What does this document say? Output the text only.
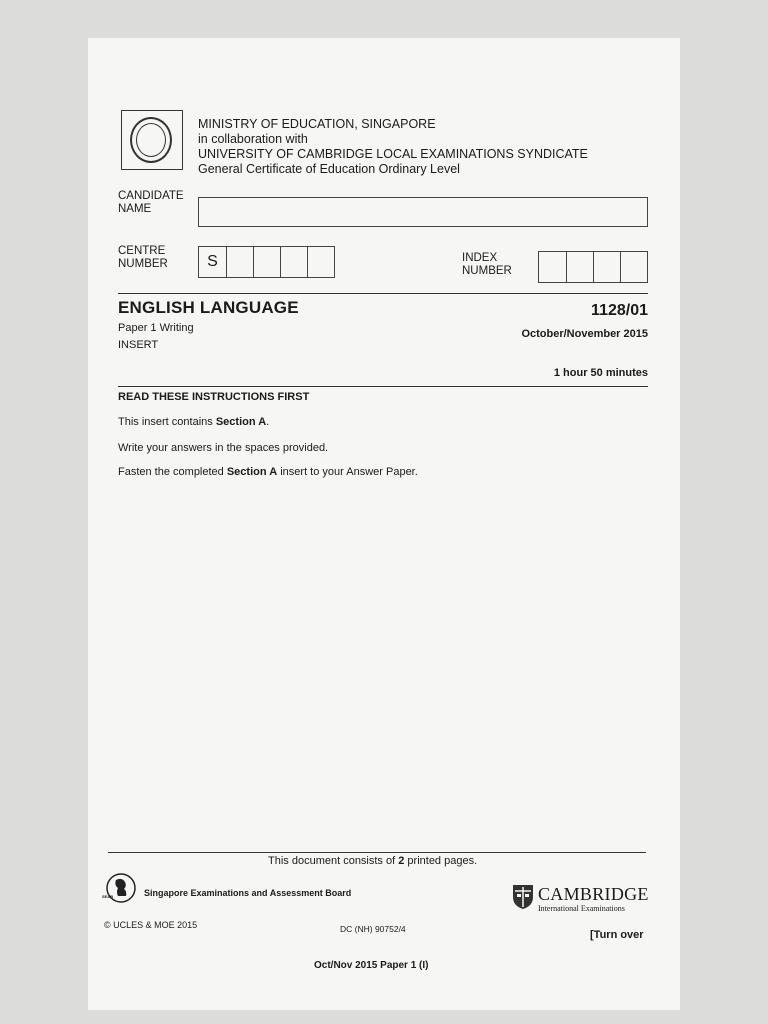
MINISTRY OF EDUCATION, SINGAPORE
in collaboration with
UNIVERSITY OF CAMBRIDGE LOCAL EXAMINATIONS SYNDICATE
General Certificate of Education Ordinary Level
CANDIDATE
NAME
CENTRE
NUMBER	S	INDEX
NUMBER
ENGLISH LANGUAGE	1128/01
Paper 1 Writing	October/November 2015
INSERT
1 hour 50 minutes
READ THESE INSTRUCTIONS FIRST
This insert contains Section A.
Write your answers in the spaces provided.
Fasten the completed Section A insert to your Answer Paper.
This document consists of 2 printed pages.
SEAB	Singapore Examinations and Assessment Board	CAMBRIDGE
International Examinations
© UCLES & MOE 2015	DC (NH) 90752/4	[Turn over
Oct/Nov 2015 Paper 1 (I)
